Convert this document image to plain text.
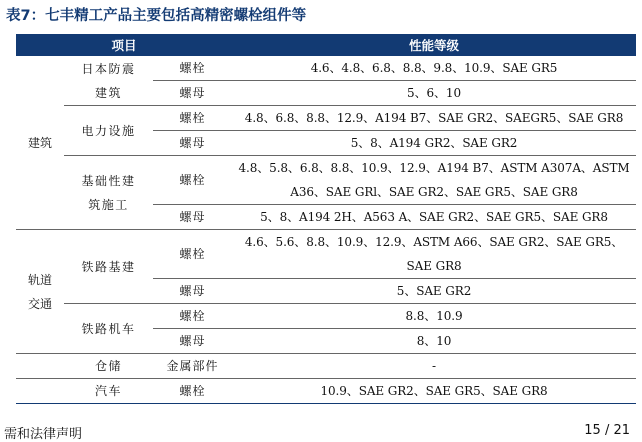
表7：七丰精工产品主要包括高精密螺栓组件等
项目			性能等级
建筑	日本防震建筑	螺栓	4.6、4.8、6.8、8.8、9.8、10.9、SAE GR5
		螺母	5、6、10
	电力设施	螺栓	4.8、6.8、8.8、12.9、A194 B7、SAE GR2、SAEGR5、SAE GR8
		螺母	5、8、A194 GR2、SAE GR2
	基础性建筑施工	螺栓	4.8、5.8、6.8、8.8、10.9、12.9、A194 B7、ASTM A307A、ASTM
A36、SAE GRl、SAE GR2、SAE GR5、SAE GR8

		螺母	5、8、A194 2H、A563 A、SAE GR2、SAE GR5、SAE GR8
轨道交通	铁路基建	螺栓	4.6、5.6、8.8、10.9、12.9、ASTM A66、SAE GR2、SAE GR5、
SAE GR8

		螺母	5、SAE GR2
	铁路机车	螺栓	8.8、10.9
		螺母	8、10
	仓储	金属部件	-
	汽车	螺栓	10.9、SAE GR2、SAE GR5、SAE GR8
需和法律声明	15 / 21
